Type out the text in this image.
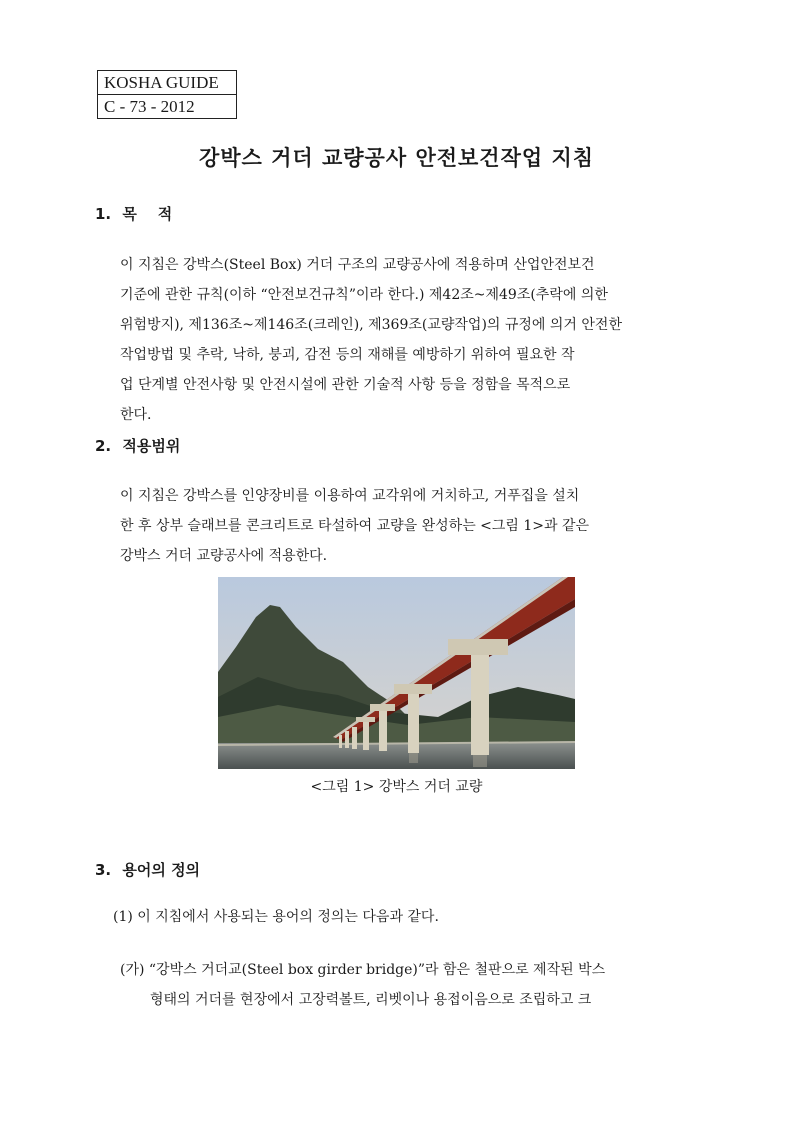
KOSHA GUIDE
C - 73 - 2012
강박스 거더 교량공사 안전보건작업 지침
1. 목    적
이 지침은 강박스(Steel Box) 거더 구조의 교량공사에 적용하며 산업안전보건
기준에 관한 규칙(이하 “안전보건규칙”이라 한다.) 제42조~제49조(추락에 의한
위험방지), 제136조~제146조(크레인), 제369조(교량작업)의 규정에 의거 안전한
작업방법 및 추락, 낙하, 붕괴, 감전 등의 재해를 예방하기 위하여 필요한 작
업 단계별 안전사항 및 안전시설에 관한 기술적 사항 등을 정함을 목적으로
한다.
2. 적용범위
이 지침은 강박스를 인양장비를 이용하여 교각위에 거치하고, 거푸집을 설치
한 후 상부 슬래브를 콘크리트로 타설하여 교량을 완성하는 <그림 1>과 같은
강박스 거더 교량공사에 적용한다.
<그림 1> 강박스 거더 교량
3. 용어의 정의
(1) 이 지침에서 사용되는 용어의 정의는 다음과 같다.
(가) “강박스 거더교(Steel box girder bridge)”라 함은 철판으로 제작된 박스
형태의 거더를 현장에서 고장력볼트, 리벳이나 용접이음으로 조립하고 크
